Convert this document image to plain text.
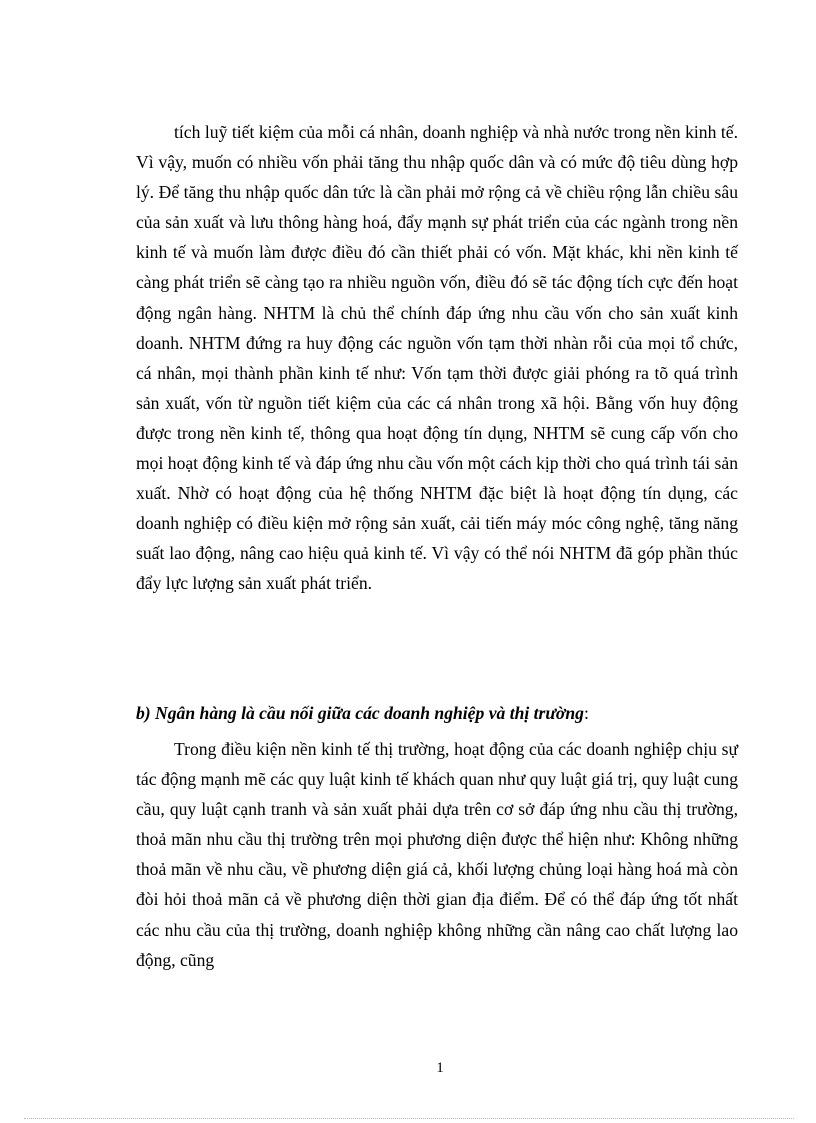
tích luỹ tiết kiệm của mỗi cá nhân, doanh nghiệp và nhà nước trong nền kinh tế. Vì vậy, muốn có nhiều vốn phải tăng thu nhập quốc dân và có mức độ tiêu dùng hợp lý. Để tăng thu nhập quốc dân tức là cần phải mở rộng cả về chiều rộng lẫn chiều sâu của sản xuất và lưu thông hàng hoá, đẩy mạnh sự phát triển của các ngành trong nền kinh tế và muốn làm được điều đó cần thiết phải có vốn. Mặt khác, khi nền kinh tế càng phát triển sẽ càng tạo ra nhiều nguồn vốn, điều đó sẽ tác động tích cực đến hoạt động ngân hàng. NHTM là chủ thể chính đáp ứng nhu cầu vốn cho sản xuất kinh doanh. NHTM đứng ra huy động các nguồn vốn tạm thời nhàn rỗi của mọi tổ chức, cá nhân, mọi thành phần kinh tế như: Vốn tạm thời được giải phóng ra tõ quá trình sản xuất, vốn từ nguồn tiết kiệm của các cá nhân trong xã hội. Bằng vốn huy động được trong nền kinh tế, thông qua hoạt động tín dụng, NHTM sẽ cung cấp vốn cho mọi hoạt động kinh tế và đáp ứng nhu cầu vốn một cách kịp thời cho quá trình tái sản xuất. Nhờ có hoạt động của hệ thống NHTM đặc biệt là hoạt động tín dụng, các doanh nghiệp có điều kiện mở rộng sản xuất, cải tiến máy móc công nghệ, tăng năng suất lao động, nâng cao hiệu quả kinh tế. Vì vậy có thể nói NHTM đã góp phần thúc đẩy lực lượng sản xuất phát triển.

b) Ngân hàng là cầu nối giữa các doanh nghiệp và thị trường:

Trong điều kiện nền kinh tế thị trường, hoạt động của các doanh nghiệp chịu sự tác động mạnh mẽ các quy luật kinh tế khách quan như quy luật giá trị, quy luật cung cầu, quy luật cạnh tranh và sản xuất phải dựa trên cơ sở đáp ứng nhu cầu thị trường, thoả mãn nhu cầu thị trường trên mọi phương diện được thể hiện như: Không những thoả mãn về nhu cầu, về phương diện giá cả, khối lượng chủng loại hàng hoá mà còn đòi hỏi thoả mãn cả về phương diện thời gian địa điểm. Để có thể đáp ứng tốt nhất các nhu cầu của thị trường, doanh nghiệp không những cần nâng cao chất lượng lao động, cũng

1
